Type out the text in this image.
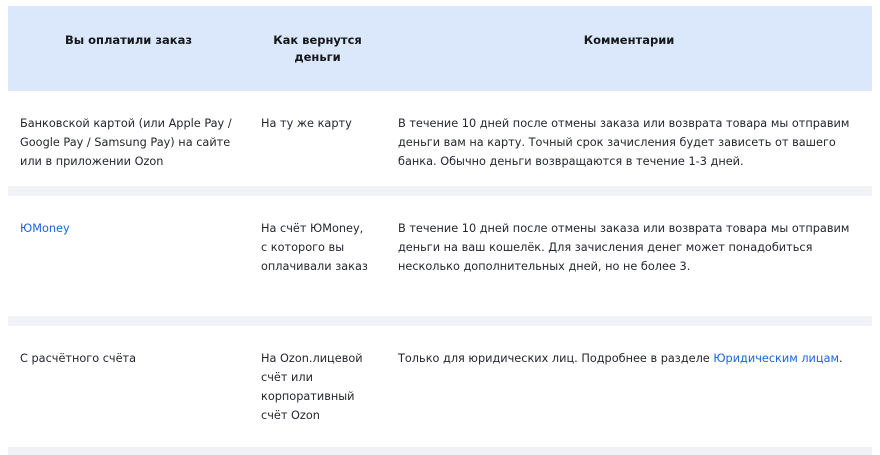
Вы оплатили заказ	Как вернутся деньги	Комментарии
Банковской картой (или Apple Pay / Google Pay / Samsung Pay) на сайте или в приложении Ozon	На ту же карту	В течение 10 дней после отмены заказа или возврата товара мы отправим деньги вам на карту. Точный срок зачисления будет зависеть от вашего банка. Обычно деньги возвращаются в течение 1-3 дней.
ЮMoney	На счёт ЮMoney, с которого вы оплачивали заказ	В течение 10 дней после отмены заказа или возврата товара мы отправим деньги на ваш кошелёк. Для зачисления денег может понадобиться несколько дополнительных дней, но не более 3.
С расчётного счёта	На Ozon.лицевой счёт или корпоративный счёт Ozon	Только для юридических лиц. Подробнее в разделе Юридическим лицам.
